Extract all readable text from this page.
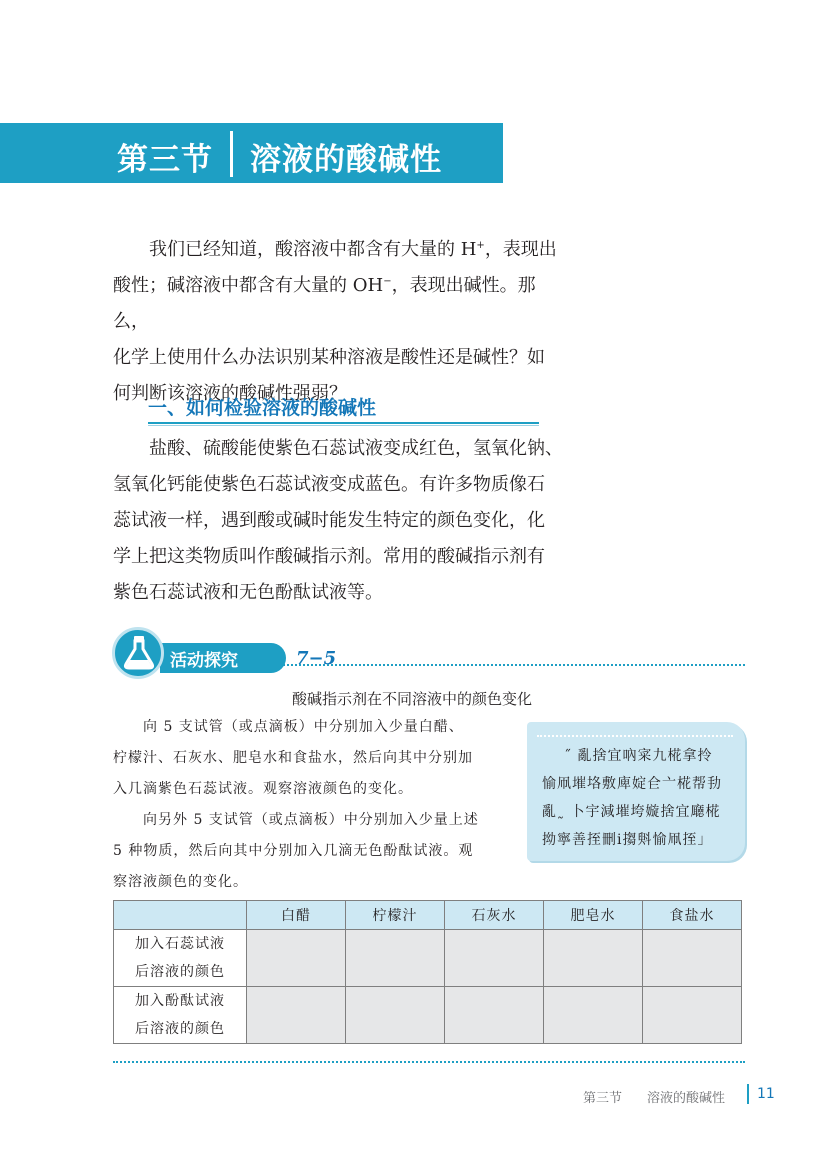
第三节 溶液的酸碱性
我们已经知道，酸溶液中都含有大量的 H+，表现出
酸性；碱溶液中都含有大量的 OH−，表现出碱性。那么，
化学上使用什么办法识别某种溶液是酸性还是碱性？如
何判断该溶液的酸碱性强弱？
一、如何检验溶液的酸碱性
盐酸、硫酸能使紫色石蕊试液变成红色，氢氧化钠、
氢氧化钙能使紫色石蕊试液变成蓝色。有许多物质像石
蕊试液一样，遇到酸或碱时能发生特定的颜色变化，化
学上把这类物质叫作酸碱指示剂。常用的酸碱指示剂有
紫色石蕊试液和无色酚酞试液等。
活动探究	7−5
酸碱指示剂在不同溶液中的颜色变化
向 5 支试管（或点滴板）中分别加入少量白醋、
柠檬汁、石灰水、肥皂水和食盐水，然后向其中分别加
入几滴紫色石蕊试液。观察溶液颜色的变化。
向另外 5 支试管（或点滴板）中分别加入少量上述
5 种物质，然后向其中分别加入几滴无色酚酞试液。观
察溶液颜色的变化。
˝ 亂捨宜吶寀九椛拿拎
愉凧墔垎敷庳婝仺亠椛帮劧
亂˷ 卜宇減墔垮嫙捨宜廰椛
拗寧善挃刪ⅰ搊斞愉凧挃」
	白醋	柠檬汁	石灰水	肥皂水	食盐水

加入石蕊试液
后溶液的颜色					

加入酚酞试液
后溶液的颜色					

第三节 溶液的酸碱性 11
